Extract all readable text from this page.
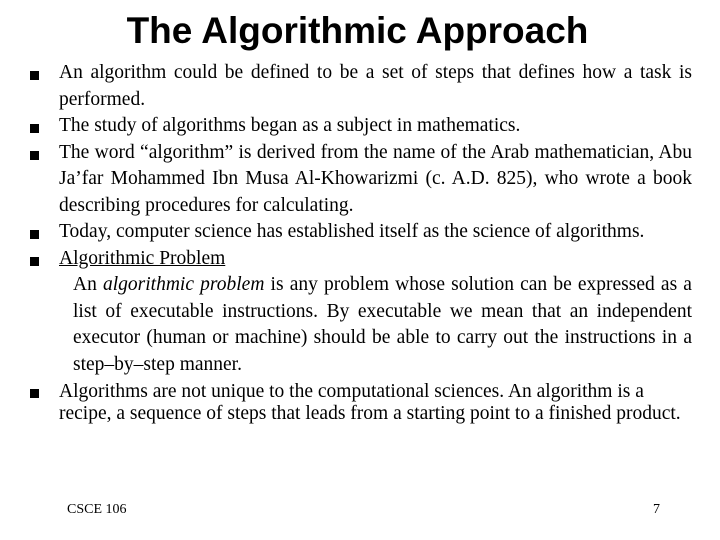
The Algorithmic Approach
An algorithm could be defined to be a set of steps that defines how a task is performed.
The study of algorithms began as a subject in mathematics.
The word “algorithm” is derived from the name of the Arab mathematician, Abu Ja’far Mohammed Ibn Musa Al-Khowarizmi (c. A.D. 825), who wrote a book describing procedures for calculating.
Today, computer science has established itself as the science of algorithms.
Algorithmic Problem
An algorithmic problem is any problem whose solution can be expressed as a list of executable instructions. By executable we mean that an independent executor (human or machine) should be able to carry out the instructions in a step–by–step manner.
Algorithms are not unique to the computational sciences. An algorithm is a recipe, a sequence of steps that leads from a starting point to a finished product.
CSCE 106	7
